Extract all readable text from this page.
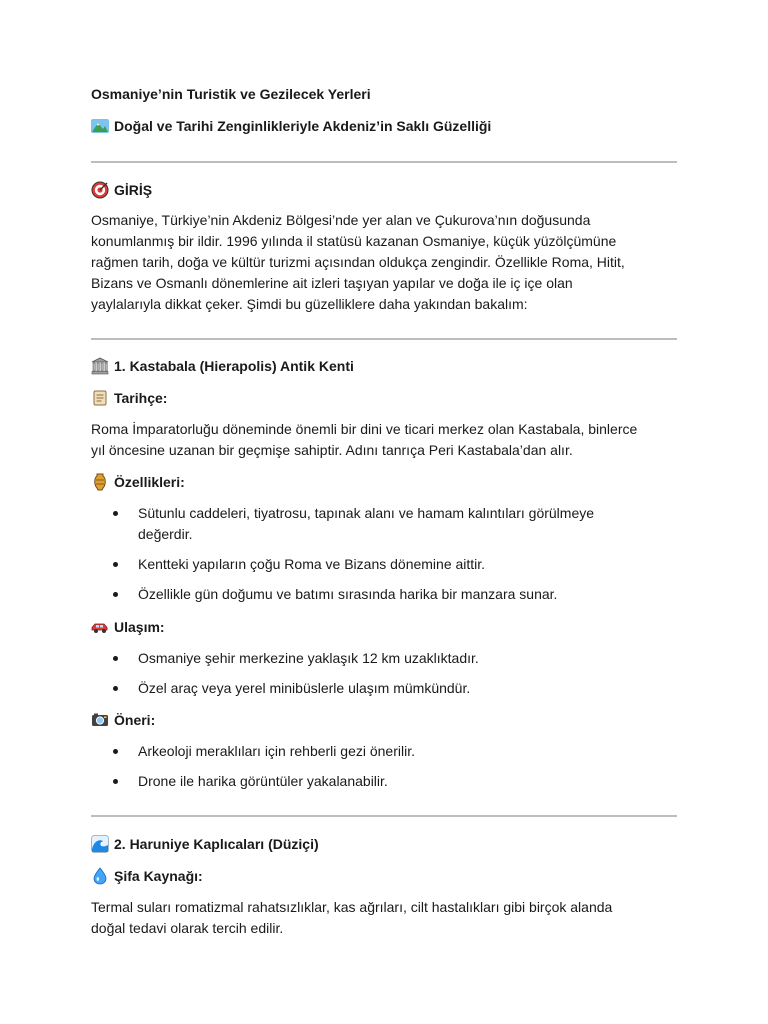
Osmaniye’nin Turistik ve Gezilecek Yerleri
Doğal ve Tarihi Zenginlikleriyle Akdeniz’in Saklı Güzelliği
GİRİŞ
Osmaniye, Türkiye’nin Akdeniz Bölgesi’nde yer alan ve Çukurova’nın doğusunda
konumlanmış bir ildir. 1996 yılında il statüsü kazanan Osmaniye, küçük yüzölçümüne
rağmen tarih, doğa ve kültür turizmi açısından oldukça zengindir. Özellikle Roma, Hitit,
Bizans ve Osmanlı dönemlerine ait izleri taşıyan yapılar ve doğa ile iç içe olan
yaylalarıyla dikkat çeker. Şimdi bu güzelliklere daha yakından bakalım:
1. Kastabala (Hierapolis) Antik Kenti
Tarihçe:
Roma İmparatorluğu döneminde önemli bir dini ve ticari merkez olan Kastabala, binlerce
yıl öncesine uzanan bir geçmişe sahiptir. Adını tanrıça Peri Kastabala’dan alır.
Özellikleri:
Sütunlu caddeleri, tiyatrosu, tapınak alanı ve hamam kalıntıları görülmeye
değerdir.
Kentteki yapıların çoğu Roma ve Bizans dönemine aittir.
Özellikle gün doğumu ve batımı sırasında harika bir manzara sunar.
Ulaşım:
Osmaniye şehir merkezine yaklaşık 12 km uzaklıktadır.
Özel araç veya yerel minibüslerle ulaşım mümkündür.
Öneri:
Arkeoloji meraklıları için rehberli gezi önerilir.
Drone ile harika görüntüler yakalanabilir.
2. Haruniye Kaplıcaları (Düziçi)
Şifa Kaynağı:
Termal suları romatizmal rahatsızlıklar, kas ağrıları, cilt hastalıkları gibi birçok alanda
doğal tedavi olarak tercih edilir.
